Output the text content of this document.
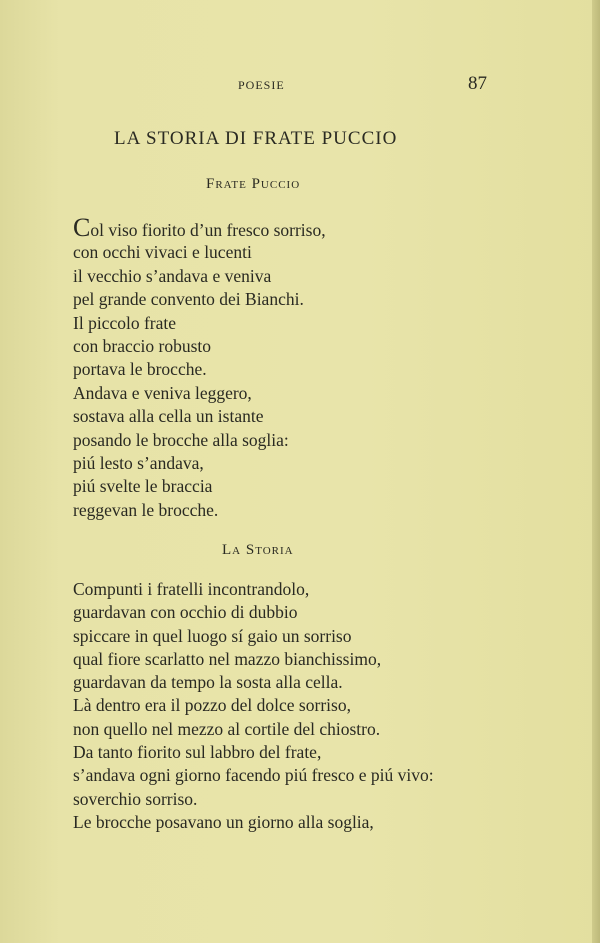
POESIE	87
LA STORIA DI FRATE PUCCIO
Frate Puccio
Col viso fiorito d’un fresco sorriso,
con occhi vivaci e lucenti
il vecchio s’andava e veniva
pel grande convento dei Bianchi.
Il piccolo frate
con braccio robusto
portava le brocche.
Andava e veniva leggero,
sostava alla cella un istante
posando le brocche alla soglia:
piú lesto s’andava,
piú svelte le braccia
reggevan le brocche.
La Storia
Compunti i fratelli incontrandolo,
guardavan con occhio di dubbio
spiccare in quel luogo sí gaio un sorriso
qual fiore scarlatto nel mazzo bianchissimo,
guardavan da tempo la sosta alla cella.
Là dentro era il pozzo del dolce sorriso,
non quello nel mezzo al cortile del chiostro.
Da tanto fiorito sul labbro del frate,
s’andava ogni giorno facendo piú fresco e piú vivo:
soverchio sorriso.
Le brocche posavano un giorno alla soglia,
